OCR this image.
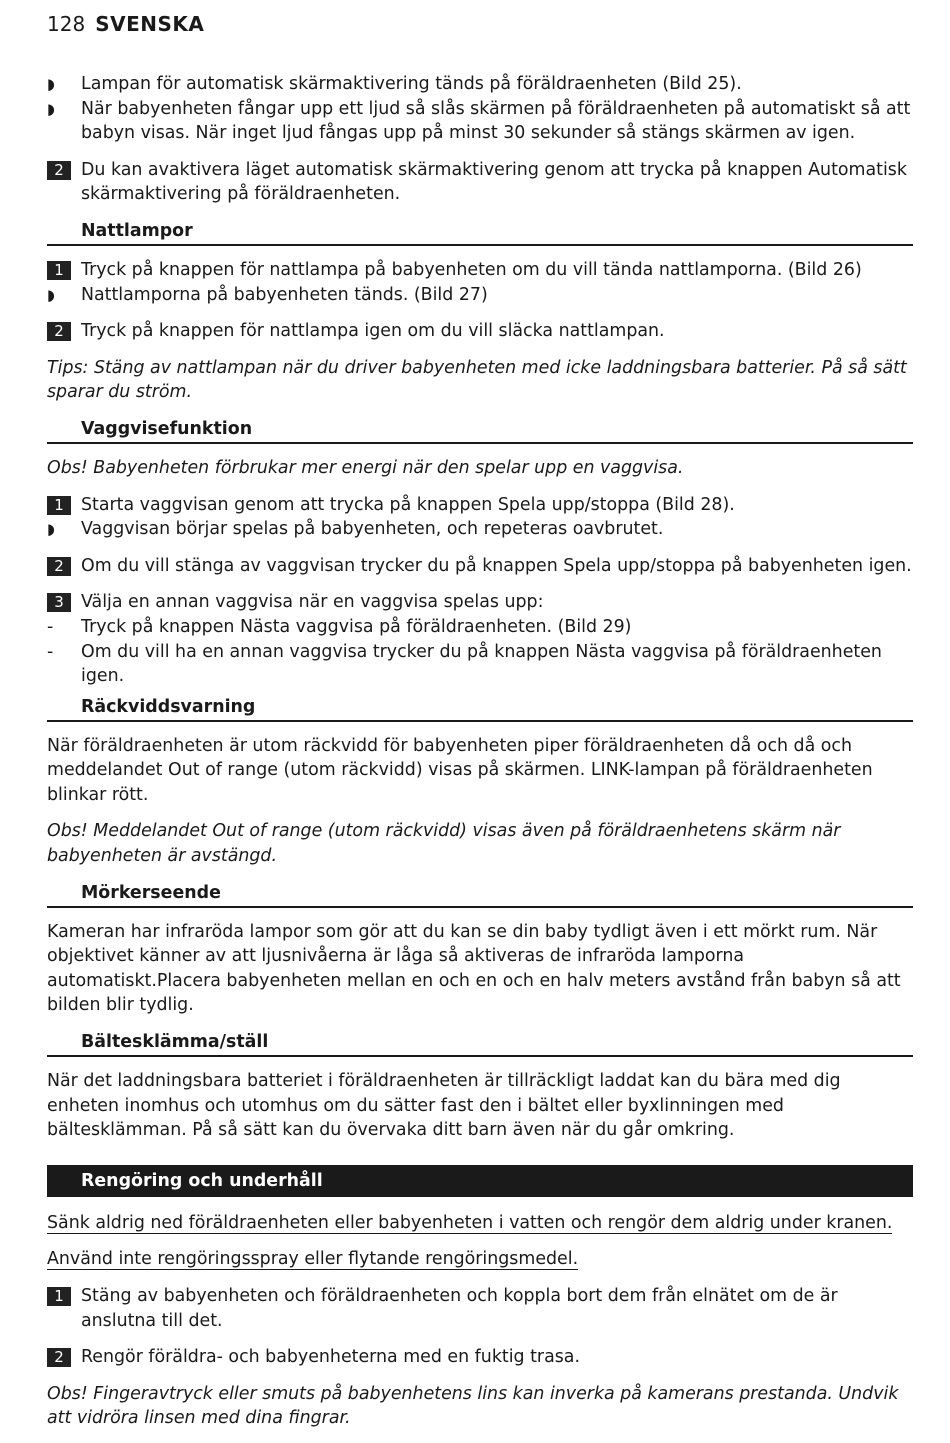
128 SVENSKA
◗
Lampan för automatisk skärmaktivering tänds på föräldraenheten (Bild 25).
◗
När babyenheten fångar upp ett ljud så slås skärmen på föräldraenheten på automatiskt så att babyn visas. När inget ljud fångas upp på minst 30 sekunder så stängs skärmen av igen.
2 Du kan avaktivera läget automatisk skärmaktivering genom att trycka på knappen Automatisk skärmaktivering på föräldraenheten.
Nattlampor
1 Tryck på knappen för nattlampa på babyenheten om du vill tända nattlamporna. (Bild 26)
◗
Nattlamporna på babyenheten tänds. (Bild 27)
2 Tryck på knappen för nattlampa igen om du vill släcka nattlampan.
Tips: Stäng av nattlampan när du driver babyenheten med icke laddningsbara batterier. På så sätt sparar du ström.
Vaggvisefunktion
Obs! Babyenheten förbrukar mer energi när den spelar upp en vaggvisa.
1 Starta vaggvisan genom att trycka på knappen Spela upp/stoppa (Bild 28).
◗
Vaggvisan börjar spelas på babyenheten, och repeteras oavbrutet.
2 Om du vill stänga av vaggvisan trycker du på knappen Spela upp/stoppa på babyenheten igen.
3 Välja en annan vaggvisa när en vaggvisa spelas upp:
- Tryck på knappen Nästa vaggvisa på föräldraenheten. (Bild 29)
- Om du vill ha en annan vaggvisa trycker du på knappen Nästa vaggvisa på föräldraenheten igen.
Räckviddsvarning
När föräldraenheten är utom räckvidd för babyenheten piper föräldraenheten då och då och meddelandet Out of range (utom räckvidd) visas på skärmen. LINK-lampan på föräldraenheten blinkar rött.
Obs! Meddelandet Out of range (utom räckvidd) visas även på föräldraenhetens skärm när babyenheten är avstängd.
Mörkerseende
Kameran har infraröda lampor som gör att du kan se din baby tydligt även i ett mörkt rum. När objektivet känner av att ljusnivåerna är låga så aktiveras de infraröda lamporna automatiskt.Placera babyenheten mellan en och en och en halv meters avstånd från babyn så att bilden blir tydlig.
Bältesklämma/ställ
När det laddningsbara batteriet i föräldraenheten är tillräckligt laddat kan du bära med dig enheten inomhus och utomhus om du sätter fast den i bältet eller byxlinningen med bältesklämman. På så sätt kan du övervaka ditt barn även när du går omkring.
Rengöring och underhåll
Sänk aldrig ned föräldraenheten eller babyenheten i vatten och rengör dem aldrig under kranen.
Använd inte rengöringsspray eller flytande rengöringsmedel.
1 Stäng av babyenheten och föräldraenheten och koppla bort dem från elnätet om de är anslutna till det.
2 Rengör föräldra- och babyenheterna med en fuktig trasa.
Obs! Fingeravtryck eller smuts på babyenhetens lins kan inverka på kamerans prestanda. Undvik att vidröra linsen med dina fingrar.
